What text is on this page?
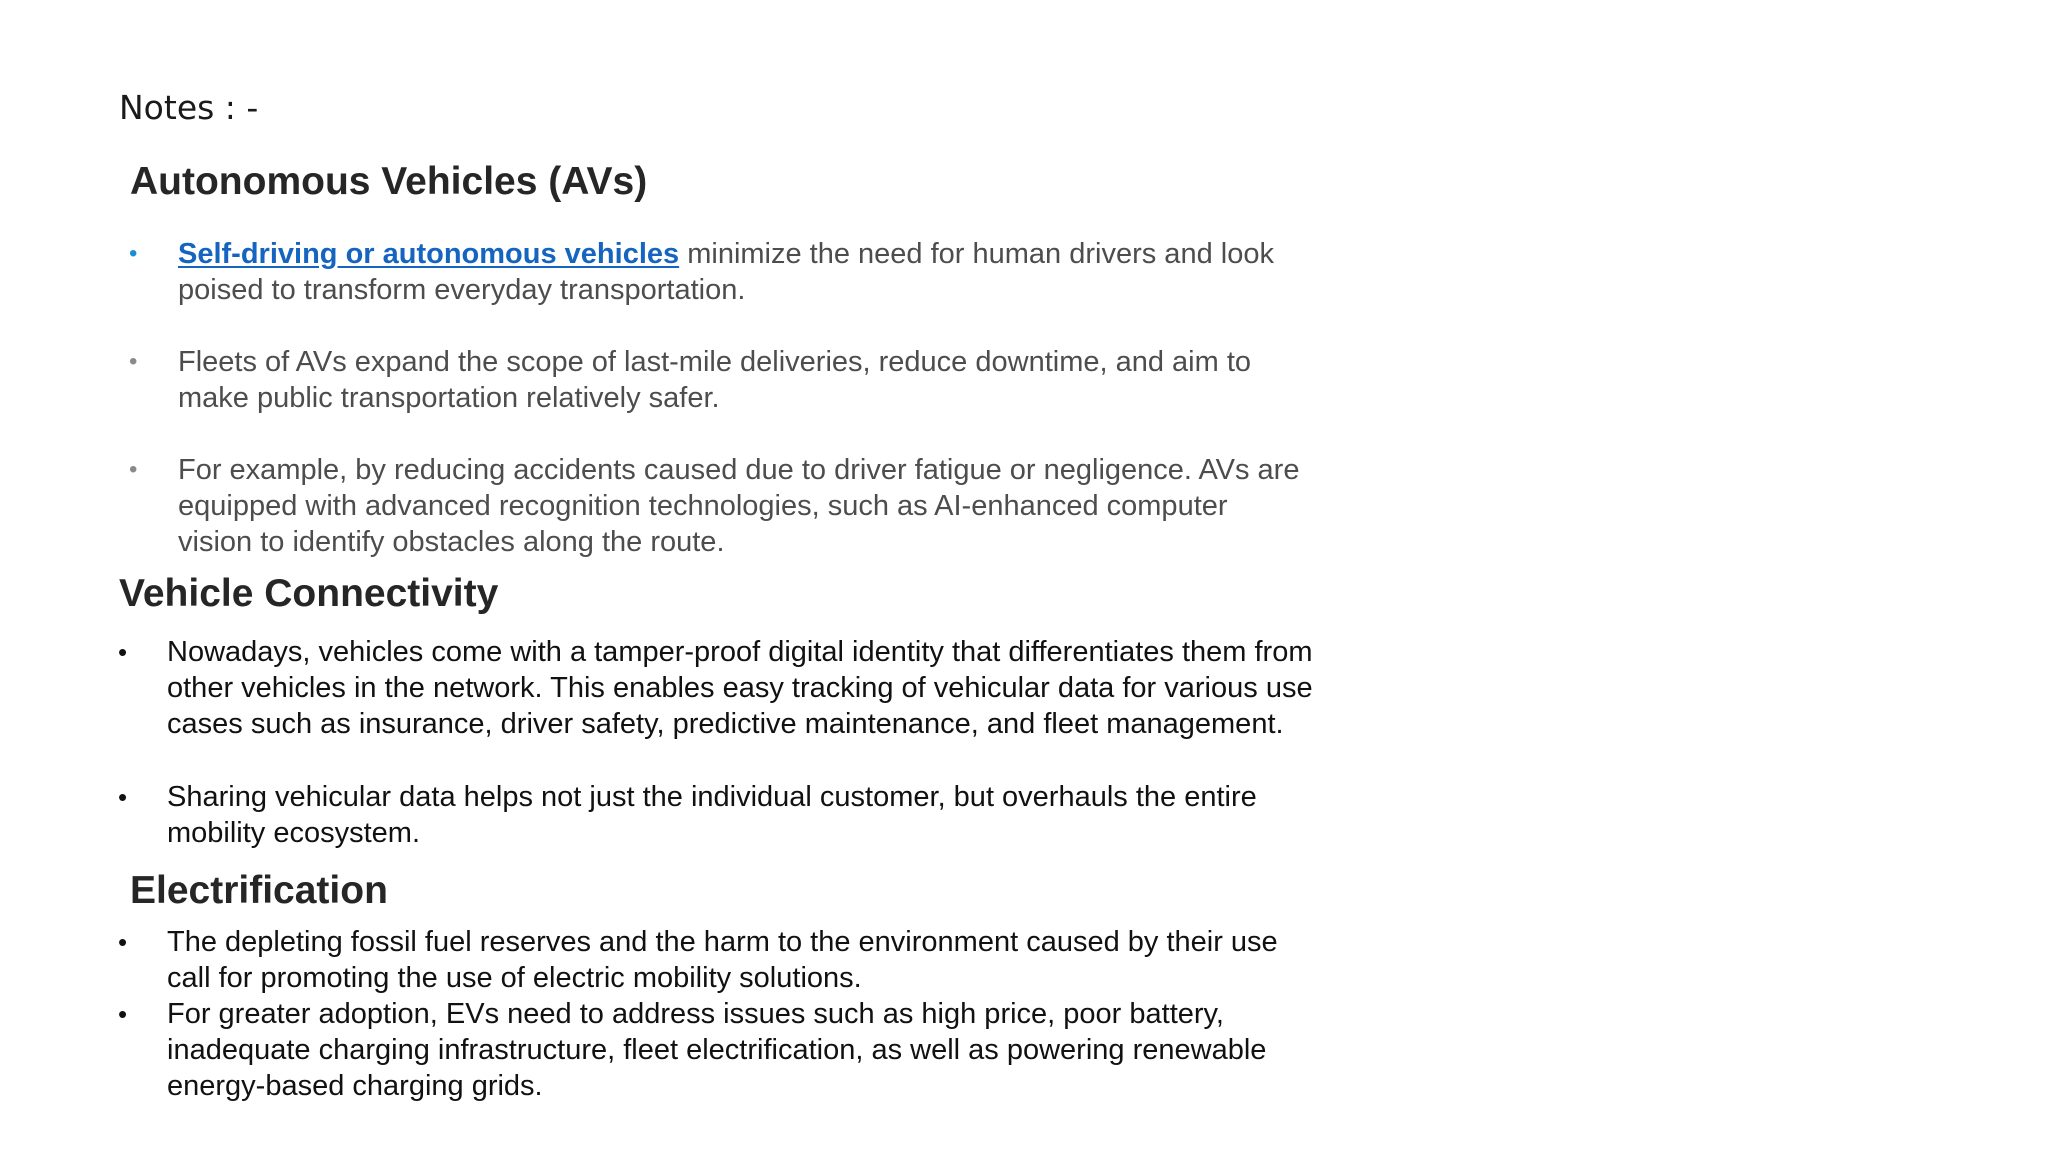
Notes : -
Autonomous Vehicles (AVs)
• Self-driving or autonomous vehicles minimize the need for human drivers and look
poised to transform everyday transportation.
• Fleets of AVs expand the scope of last-mile deliveries, reduce downtime, and aim to
make public transportation relatively safer.
• For example, by reducing accidents caused due to driver fatigue or negligence. AVs are
equipped with advanced recognition technologies, such as AI-enhanced computer
vision to identify obstacles along the route.
Vehicle Connectivity
• Nowadays, vehicles come with a tamper-proof digital identity that differentiates them from
other vehicles in the network. This enables easy tracking of vehicular data for various use
cases such as insurance, driver safety, predictive maintenance, and fleet management.
• Sharing vehicular data helps not just the individual customer, but overhauls the entire
mobility ecosystem.
Electrification
• The depleting fossil fuel reserves and the harm to the environment caused by their use
call for promoting the use of electric mobility solutions.
• For greater adoption, EVs need to address issues such as high price, poor battery,
inadequate charging infrastructure, fleet electrification, as well as powering renewable
energy-based charging grids.
